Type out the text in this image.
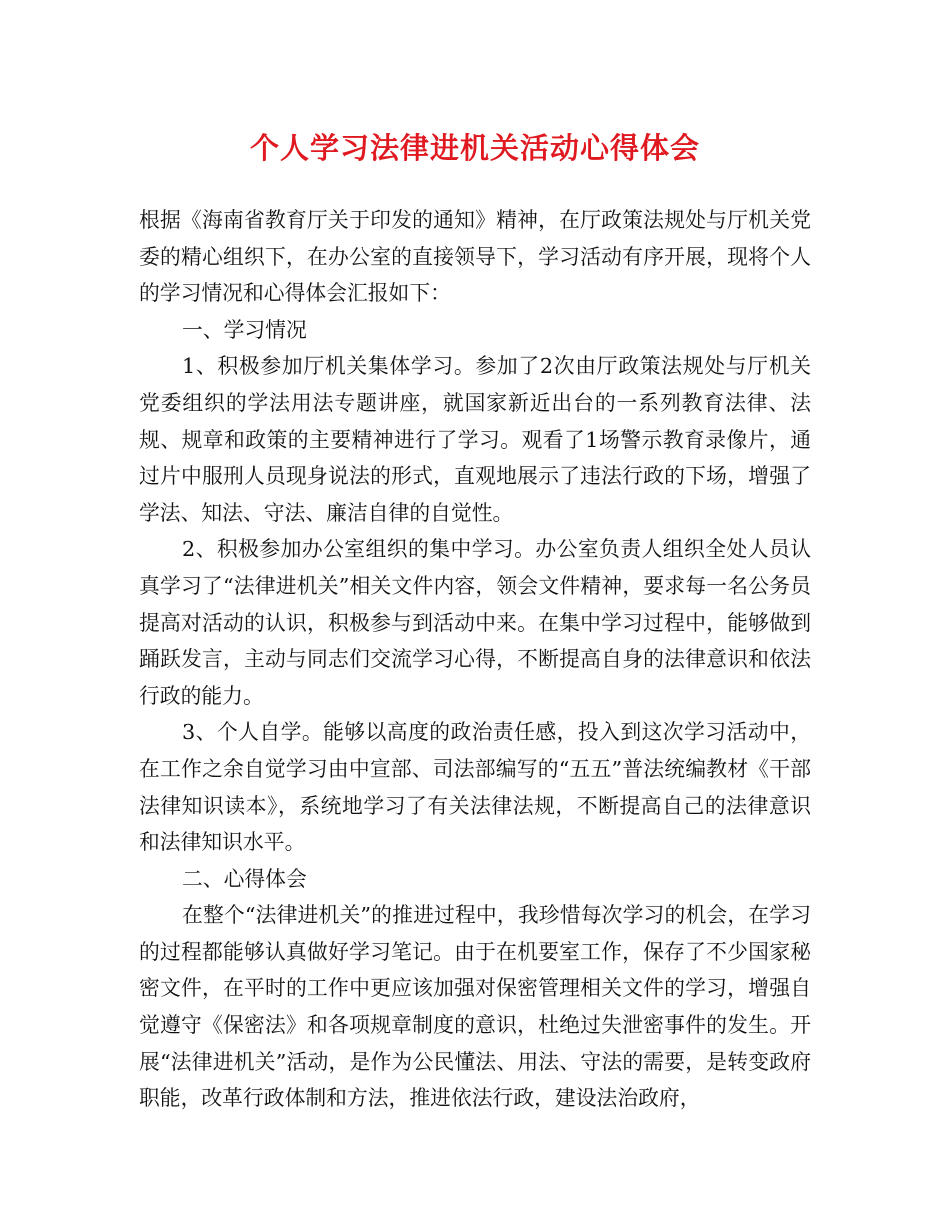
个人学习法律进机关活动心得体会

根据《海南省教育厅关于印发的通知》精神，在厅政策法规处与厅机关党委的精心组织下，在办公室的直接领导下，学习活动有序开展，现将个人的学习情况和心得体会汇报如下：

一、学习情况

1、积极参加厅机关集体学习。参加了2次由厅政策法规处与厅机关党委组织的学法用法专题讲座，就国家新近出台的一系列教育法律、法规、规章和政策的主要精神进行了学习。观看了1场警示教育录像片，通过片中服刑人员现身说法的形式，直观地展示了违法行政的下场，增强了学法、知法、守法、廉洁自律的自觉性。

2、积极参加办公室组织的集中学习。办公室负责人组织全处人员认真学习了“法律进机关”相关文件内容，领会文件精神，要求每一名公务员提高对活动的认识，积极参与到活动中来。在集中学习过程中，能够做到踊跃发言，主动与同志们交流学习心得，不断提高自身的法律意识和依法行政的能力。

3、个人自学。能够以高度的政治责任感，投入到这次学习活动中，在工作之余自觉学习由中宣部、司法部编写的“五五”普法统编教材《干部法律知识读本》，系统地学习了有关法律法规，不断提高自己的法律意识和法律知识水平。

二、心得体会

在整个“法律进机关”的推进过程中，我珍惜每次学习的机会，在学习的过程都能够认真做好学习笔记。由于在机要室工作，保存了不少国家秘密文件，在平时的工作中更应该加强对保密管理相关文件的学习，增强自觉遵守《保密法》和各项规章制度的意识，杜绝过失泄密事件的发生。开展“法律进机关”活动，是作为公民懂法、用法、守法的需要，是转变政府职能，改革行政体制和方法，推进依法行政，建设法治政府，
